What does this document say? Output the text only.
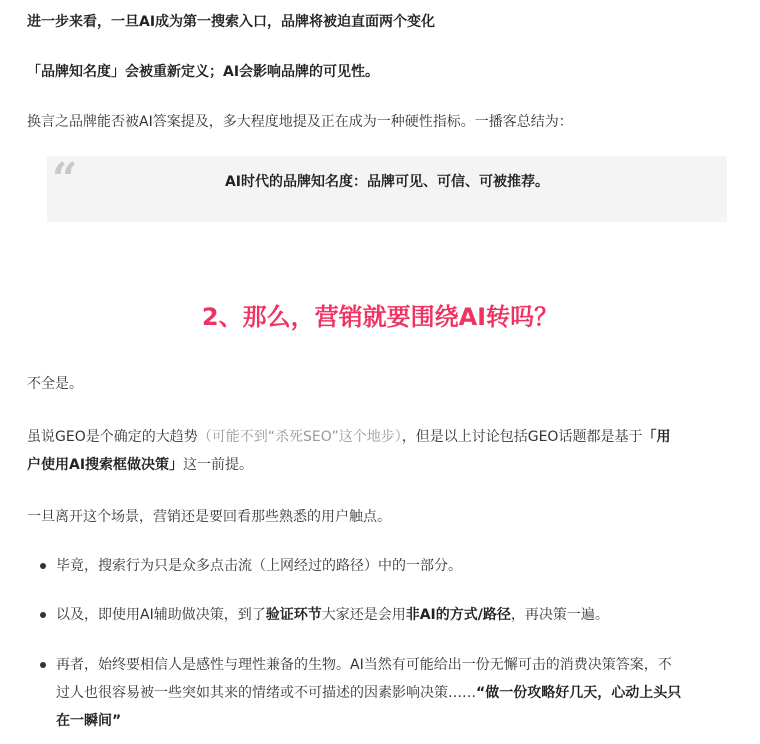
进一步来看，一旦AI成为第一搜索入口，品牌将被迫直面两个变化
「品牌知名度」会被重新定义；AI会影响品牌的可见性。
换言之品牌能否被AI答案提及，多大程度地提及正在成为一种硬性指标。一播客总结为：
“	AI时代的品牌知名度：品牌可见、可信、可被推荐。
2、那么，营销就要围绕AI转吗？
不全是。
虽说GEO是个确定的大趋势（可能不到“杀死SEO”这个地步），但是以上讨论包括GEO话题都是基于「用
户使用AI搜索框做决策」这一前提。
一旦离开这个场景，营销还是要回看那些熟悉的用户触点。
毕竟，搜索行为只是众多点击流（上网经过的路径）中的一部分。
以及，即使用AI辅助做决策，到了验证环节大家还是会用非AI的方式/路径，再决策一遍。
再者，始终要相信人是感性与理性兼备的生物。AI当然有可能给出一份无懈可击的消费决策答案，不
过人也很容易被一些突如其来的情绪或不可描述的因素影响决策……“做一份攻略好几天，心动上头只
在一瞬间”
